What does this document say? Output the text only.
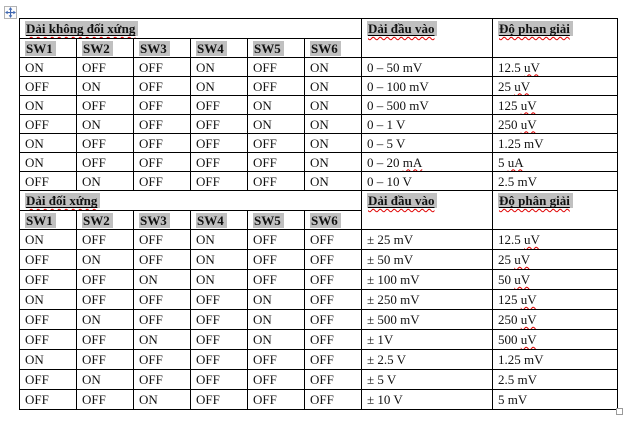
Dải không đối xứng						Dải đầu vào	Độ phan giải
SW1	SW2	SW3	SW4	SW5	SW6		
ON	OFF	OFF	ON	OFF	ON	0 – 50 mV	12.5 uV
OFF	ON	OFF	ON	OFF	ON	0 – 100 mV	25 uV
ON	OFF	OFF	OFF	ON	ON	0 – 500 mV	125 uV
OFF	ON	OFF	OFF	ON	ON	0 – 1 V	250 uV
ON	OFF	OFF	OFF	OFF	ON	0 – 5 V	1.25 mV
ON	OFF	OFF	OFF	OFF	ON	0 – 20 mA	5 uA
OFF	ON	OFF	OFF	OFF	ON	0 – 10 V	2.5 mV
Dải đối xứng						Dải đầu vào	Độ phân giải
SW1	SW2	SW3	SW4	SW5	SW6		
ON	OFF	OFF	ON	OFF	OFF	± 25 mV	12.5 uV
OFF	ON	OFF	ON	OFF	OFF	± 50 mV	25 uV
OFF	OFF	ON	ON	OFF	OFF	± 100 mV	50 uV
ON	OFF	OFF	OFF	ON	OFF	± 250 mV	125 uV
OFF	ON	OFF	OFF	ON	OFF	± 500 mV	250 uV
OFF	OFF	ON	OFF	ON	OFF	± 1V	500 uV
ON	OFF	OFF	OFF	OFF	OFF	± 2.5 V	1.25 mV
OFF	ON	OFF	OFF	OFF	OFF	± 5 V	2.5 mV
OFF	OFF	ON	OFF	OFF	OFF	± 10 V	5 mV
